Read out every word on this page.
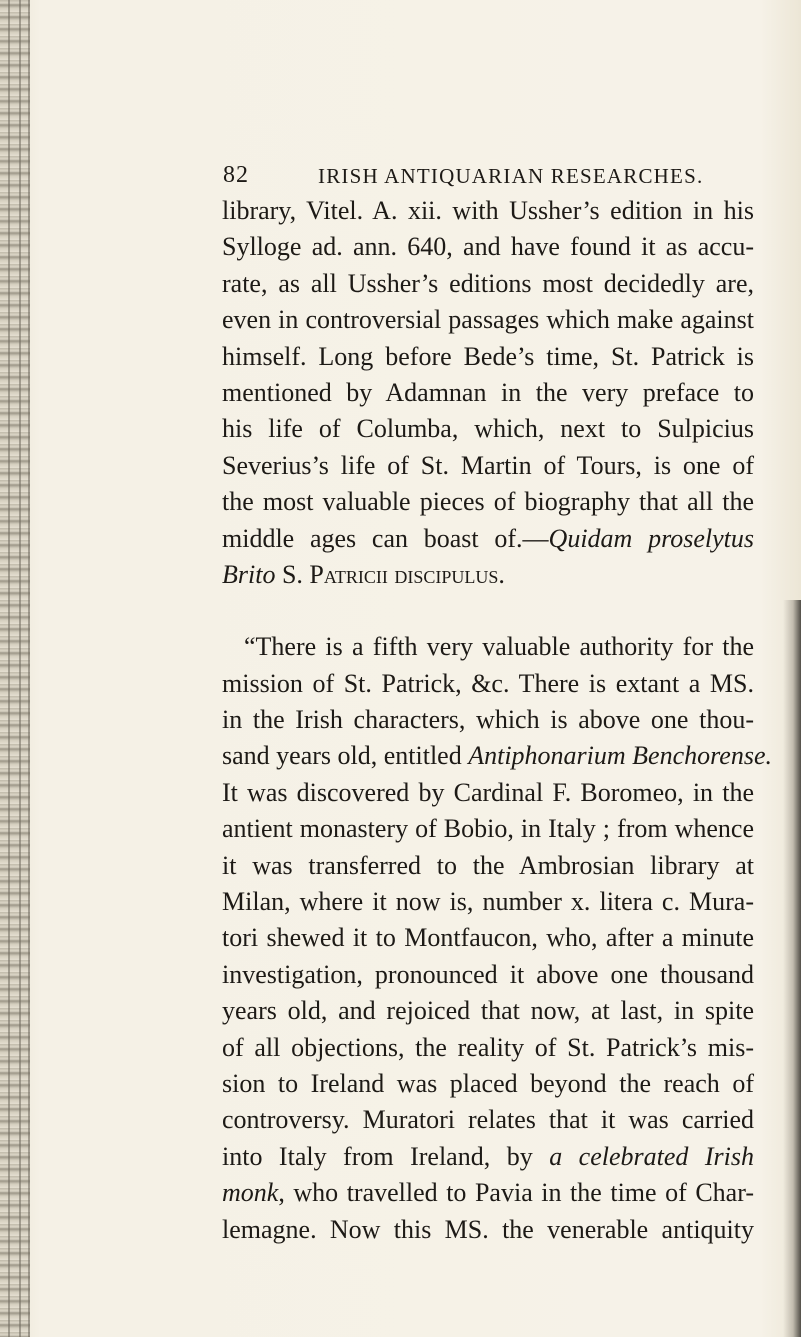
82	IRISH ANTIQUARIAN RESEARCHES.
library, Vitel. A. xii. with Ussher’s edition in his
Sylloge ad. ann. 640, and have found it as accu-
rate, as all Ussher’s editions most decidedly are,
even in controversial passages which make against
himself. Long before Bede’s time, St. Patrick is
mentioned by Adamnan in the very preface to
his life of Columba, which, next to Sulpicius
Severius’s life of St. Martin of Tours, is one of
the most valuable pieces of biography that all the
middle ages can boast of.—Quidam proselytus
Brito S. Patricii discipulus.
“There is a fifth very valuable authority for the
mission of St. Patrick, &c. There is extant a MS.
in the Irish characters, which is above one thou-
sand years old, entitled Antiphonarium Benchorense.
It was discovered by Cardinal F. Boromeo, in the
antient monastery of Bobio, in Italy ; from whence
it was transferred to the Ambrosian library at
Milan, where it now is, number x. litera c. Mura-
tori shewed it to Montfaucon, who, after a minute
investigation, pronounced it above one thousand
years old, and rejoiced that now, at last, in spite
of all objections, the reality of St. Patrick’s mis-
sion to Ireland was placed beyond the reach of
controversy. Muratori relates that it was carried
into Italy from Ireland, by a celebrated Irish
monk, who travelled to Pavia in the time of Char-
lemagne. Now this MS. the venerable antiquity
